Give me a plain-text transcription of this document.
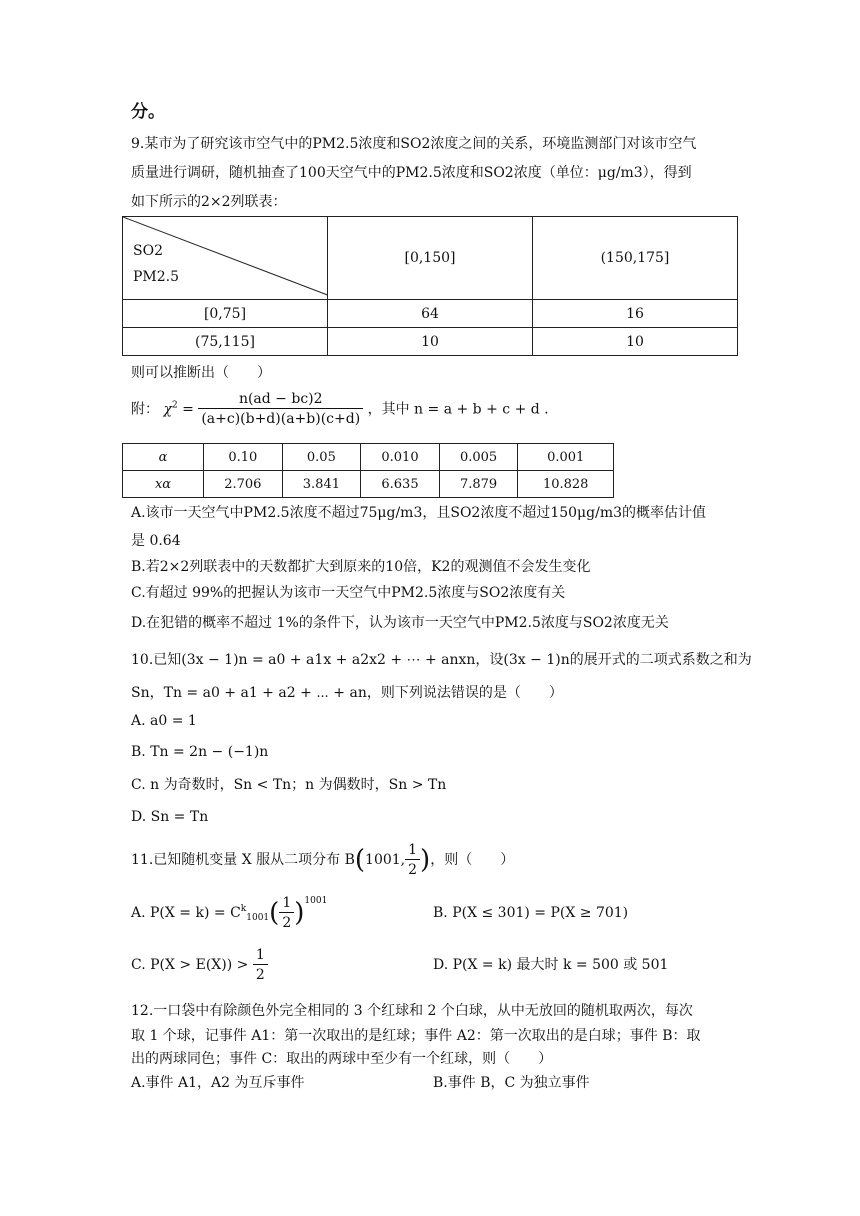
分。
9.某市为了研究该市空气中的PM2.5浓度和SO2浓度之间的关系，环境监测部门对该市空气
质量进行调研，随机抽查了100天空气中的PM2.5浓度和SO2浓度（单位：μg/m3），得到
如下所示的2×2列联表：
SO2
PM2.5	[0,150]	(150,175]
[0,75]	64	16
(75,115]	10	10
则可以推断出（　　）
附： $\chi^2 = \frac{n(ad - bc)2}{(a+c)(b+d)(a+b)(c+d)}$ ，其中 n = a + b + c + d .
α	0.10	0.05	0.010	0.005	0.001
xα	2.706	3.841	6.635	7.879	10.828
A.该市一天空气中PM2.5浓度不超过75μg/m3，且SO2浓度不超过150μg/m3的概率估计值
是 0.64
B.若2×2列联表中的天数都扩大到原来的10倍，K2的观测值不会发生变化
C.有超过 99%的把握认为该市一天空气中PM2.5浓度与SO2浓度有关
D.在犯错的概率不超过 1%的条件下，认为该市一天空气中PM2.5浓度与SO2浓度无关
10.已知(3x − 1)n = a0 + a1x + a2x2 + ⋯ + anxn，设(3x − 1)n的展开式的二项式系数之和为
Sn，Tn = a0 + a1 + a2 + ⋯ + an，则下列说法错误的是（　　）
A. a0 = 1
B. Tn = 2n − (−1)n
C. n 为奇数时，Sn < Tn；n 为偶数时，Sn > Tn
D. Sn = Tn
11.已知随机变量 X 服从二项分布 B(1001, $\frac{1}{2}$ )，则（　　）
A. $P(X = k) = C^k_{1001}( \frac{1}{2} )^{1001}$
B. P(X ≤ 301) = P(X ≥ 701)
C. $P(X > E(X)) > \frac{1}{2}$	D. P(X = k) 最大时 k = 500 或 501
12.一口袋中有除颜色外完全相同的 3 个红球和 2 个白球，从中无放回的随机取两次，每次
取 1 个球，记事件 A1：第一次取出的是红球；事件 A2：第一次取出的是白球；事件 B：取
出的两球同色；事件 C：取出的两球中至少有一个红球，则（　　）
A.事件 A1，A2 为互斥事件	B.事件 B，C 为独立事件
